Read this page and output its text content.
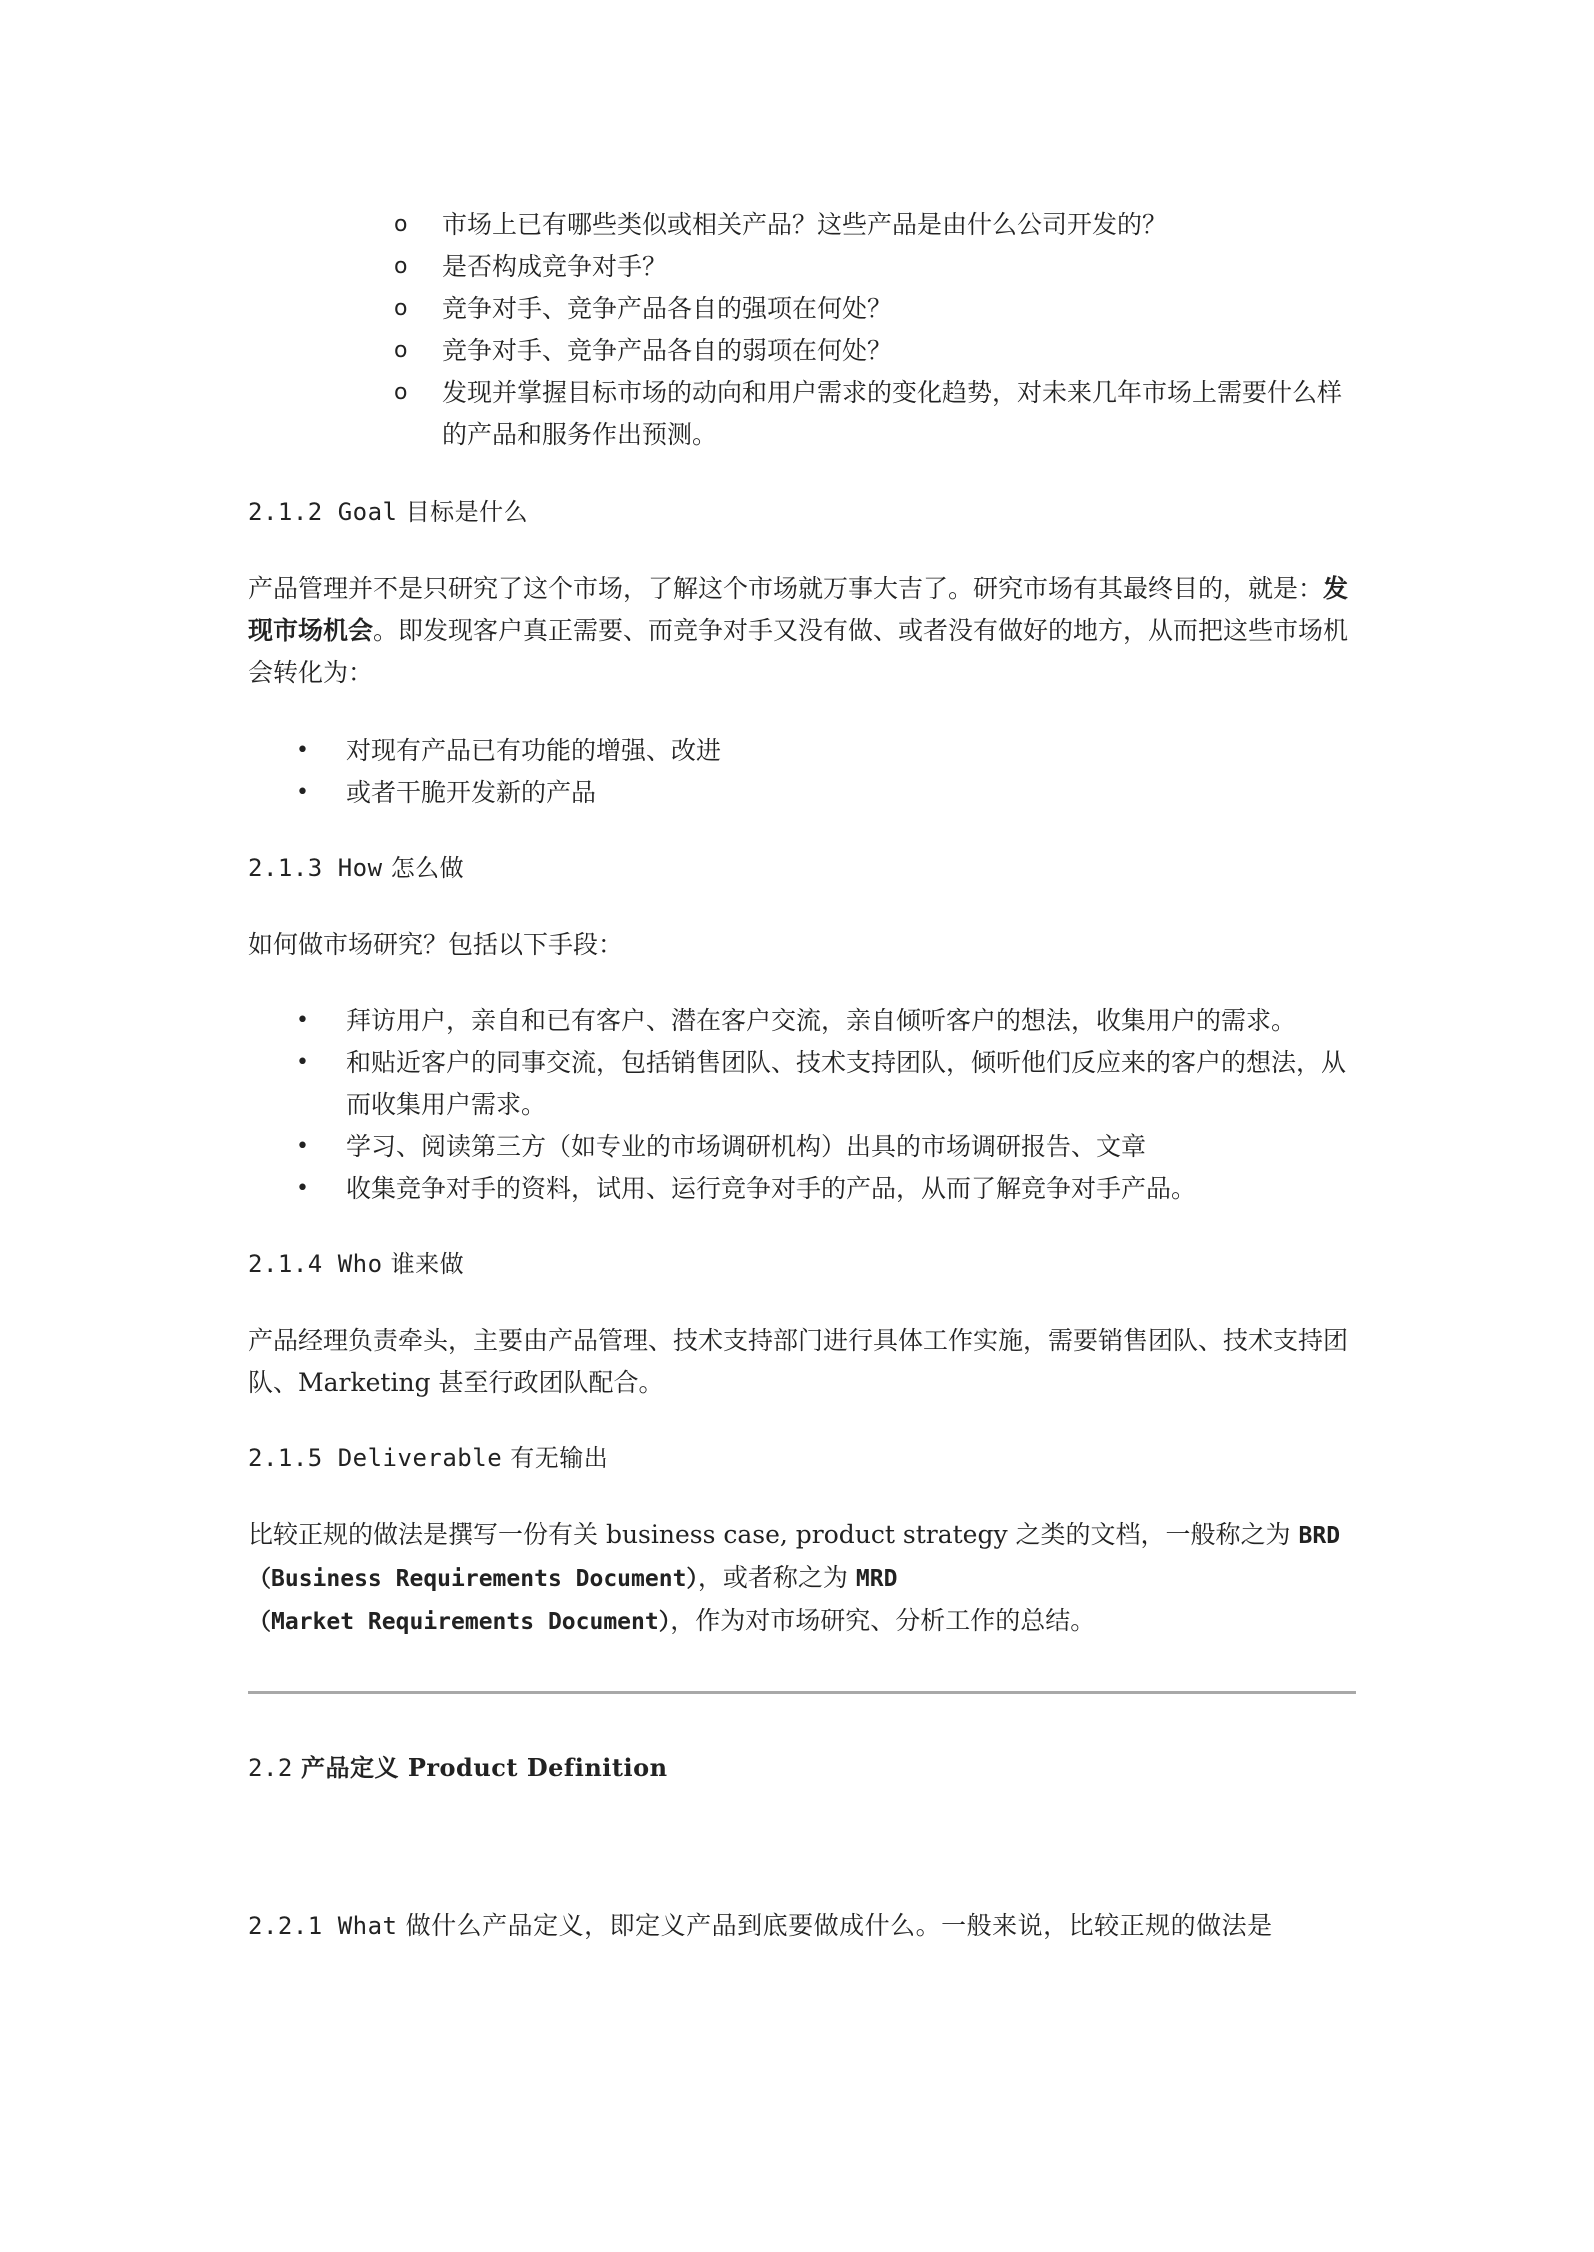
o 市场上已有哪些类似或相关产品？这些产品是由什么公司开发的？
o 是否构成竞争对手？
o 竞争对手、竞争产品各自的强项在何处？
o 竞争对手、竞争产品各自的弱项在何处？
o 发现并掌握目标市场的动向和用户需求的变化趋势，对未来几年市场上需要什么样的产品和服务作出预测。

2.1.2 Goal 目标是什么

产品管理并不是只研究了这个市场，了解这个市场就万事大吉了。研究市场有其最终目的，就是：发现市场机会。即发现客户真正需要、而竞争对手又没有做、或者没有做好的地方，从而把这些市场机会转化为：

• 对现有产品已有功能的增强、改进
• 或者干脆开发新的产品

2.1.3 How 怎么做

如何做市场研究？包括以下手段：

• 拜访用户，亲自和已有客户、潜在客户交流，亲自倾听客户的想法，收集用户的需求。
• 和贴近客户的同事交流，包括销售团队、技术支持团队，倾听他们反应来的客户的想法，从而收集用户需求。
• 学习、阅读第三方（如专业的市场调研机构）出具的市场调研报告、文章
• 收集竞争对手的资料，试用、运行竞争对手的产品，从而了解竞争对手产品。

2.1.4 Who 谁来做

产品经理负责牵头，主要由产品管理、技术支持部门进行具体工作实施，需要销售团队、技术支持团队、Marketing 甚至行政团队配合。

2.1.5 Deliverable 有无输出

比较正规的做法是撰写一份有关 business case, product strategy 之类的文档，一般称之为 BRD（Business Requirements Document），或者称之为 MRD
（Market Requirements Document），作为对市场研究、分析工作的总结。

2.2 产品定义 Product Definition

2.2.1 What 做什么产品定义，即定义产品到底要做成什么。一般来说，比较正规的做法是
